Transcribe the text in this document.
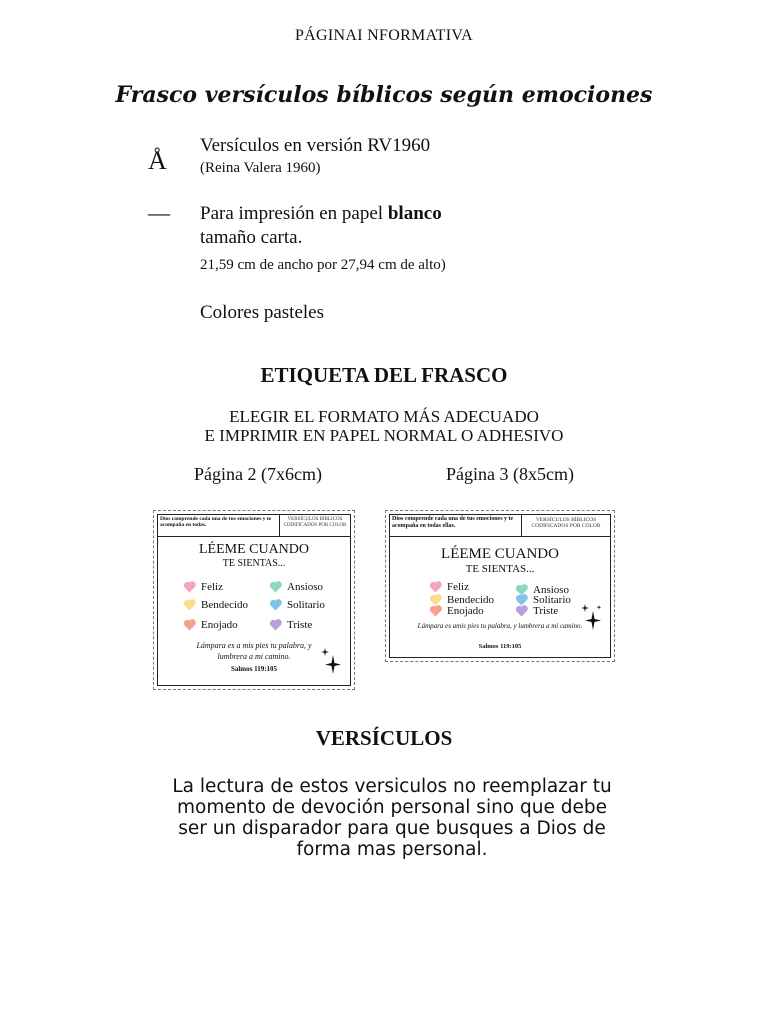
PÁGINAI NFORMATIVA
Frasco versículos bíblicos según emociones
Å
Versículos en versión RV1960
(Reina Valera 1960)
— Para impresión en papel blanco
tamaño carta.
21,59 cm de ancho por 27,94 cm de alto)
Colores pasteles
ETIQUETA DEL FRASCO
ELEGIR EL FORMATO MÁS ADECUADO
E IMPRIMIR EN PAPEL NORMAL O ADHESIVO
Página 2 (7x6cm)	Página 3 (8x5cm)
Dios comprende cada una de tus emociones y te acompaña en todas.
VERSÍCULOS BÍBLICOS CODIFICADOS POR COLOR
LÉEME CUANDO
TE SIENTAS...
Feliz	Ansioso
Bendecido	Solitario
Enojado	Triste
Lámpara es a mis pies tu palabra, y lumbrera a mi camino.
Salmos 119:105
Dios comprende cada una de tus emociones y te acompaña en todas ellas.
VERSÍCULOS BÍBLICOS CODIFICADOS POR COLOR
LÉEME CUANDO
TE SIENTAS...
Feliz	Ansioso
Bendecido	Solitario
Enojado	Triste
Lámpara es amis pies tu palabra, y lumbrera a mi camino.
Salmos 119:105
VERSÍCULOS
La lectura de estos versiculos no reemplazar tu momento de devoción personal sino que debe ser un disparador para que busques a Dios de forma mas personal.
